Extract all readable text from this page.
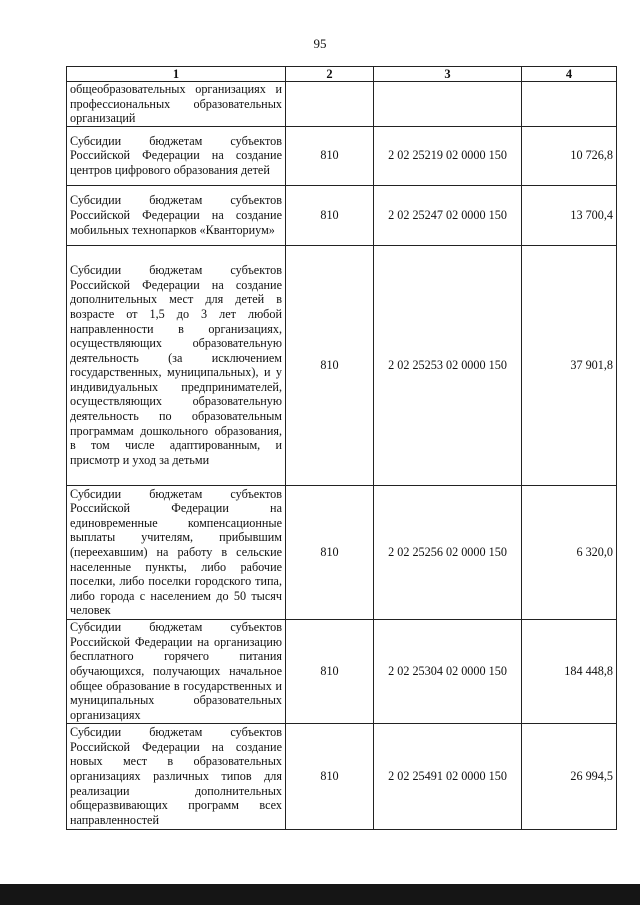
95
1	2	3	4
общеобразовательных организациях и профессиональных образовательных организаций			
Субсидии бюджетам субъектов Российской Федерации на создание центров цифрового образования детей	810	2 02 25219 02 0000 150	10 726,8
Субсидии бюджетам субъектов Российской Федерации на создание мобильных технопарков «Кванториум»	810	2 02 25247 02 0000 150	13 700,4
Субсидии бюджетам субъектов Российской Федерации на создание дополнительных мест для детей в возрасте от 1,5 до 3 лет любой направленности в организациях, осуществляющих образовательную деятельность (за исключением государственных, муниципальных), и у индивидуальных предпринимателей, осуществляющих образовательную деятельность по образовательным программам дошкольного образования, в том числе адаптированным, и присмотр и уход за детьми	810	2 02 25253 02 0000 150	37 901,8
Субсидии бюджетам субъектов Российской Федерации на единовременные компенсационные выплаты учителям, прибывшим (переехавшим) на работу в сельские населенные пункты, либо рабочие поселки, либо поселки городского типа, либо города с населением до 50 тысяч человек	810	2 02 25256 02 0000 150	6 320,0
Субсидии бюджетам субъектов Российской Федерации на организацию бесплатного горячего питания обучающихся, получающих начальное общее образование в государственных и муниципальных образовательных организациях	810	2 02 25304 02 0000 150	184 448,8
Субсидии бюджетам субъектов Российской Федерации на создание новых мест в образовательных организациях различных типов для реализации дополнительных общеразвивающих программ всех направленностей	810	2 02 25491 02 0000 150	26 994,5
